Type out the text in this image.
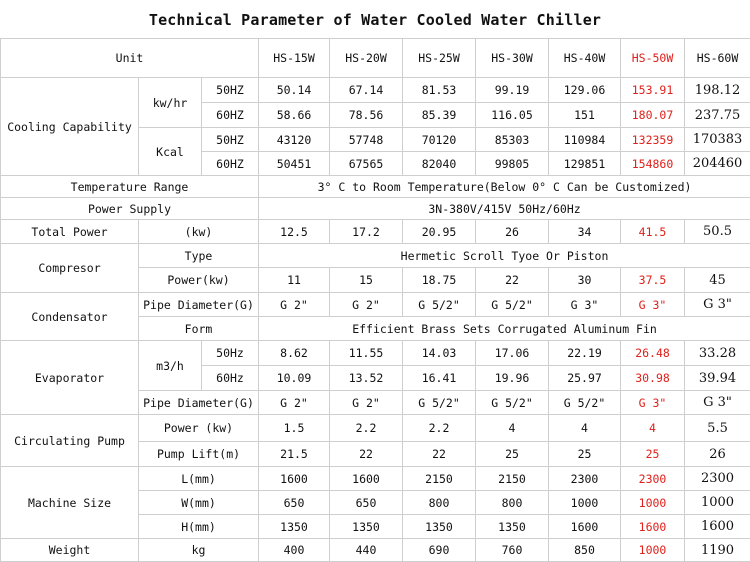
Technical Parameter of Water Cooled Water Chiller
Unit			HS-15W	HS-20W	HS-25W	HS-30W	HS-40W	HS-50W	HS-60W
Cooling Capability	kw/hr	50HZ	50.14	67.14	81.53	99.19	129.06	153.91	198.12
		60HZ	58.66	78.56	85.39	116.05	151	180.07	237.75
	Kcal	50HZ	43120	57748	70120	85303	110984	132359	170383
		60HZ	50451	67565	82040	99805	129851	154860	204460
Temperature Range			3° C to Room Temperature(Below 0° C Can be Customized)						
Power Supply			3N-380V/415V 50Hz/60Hz						
Total Power	(kw)		12.5	17.2	20.95	26	34	41.5	50.5
Compresor	Type		Hermetic Scroll Tyoe Or Piston						
	Power(kw)		11	15	18.75	22	30	37.5	45
Condensator	Pipe Diameter(G)		G 2"	G 2"	G 5/2"	G 5/2"	G 3"	G 3"	G 3"
	Form		Efficient Brass Sets Corrugated Aluminum Fin						
Evaporator	m3/h	50Hz	8.62	11.55	14.03	17.06	22.19	26.48	33.28
		60Hz	10.09	13.52	16.41	19.96	25.97	30.98	39.94
	Pipe Diameter(G)		G 2"	G 2"	G 5/2"	G 5/2"	G 5/2"	G 3"	G 3"
Circulating Pump	Power (kw)		1.5	2.2	2.2	4	4	4	5.5
	Pump Lift(m)		21.5	22	22	25	25	25	26
Machine Size	L(mm)		1600	1600	2150	2150	2300	2300	2300
	W(mm)		650	650	800	800	1000	1000	1000
	H(mm)		1350	1350	1350	1350	1600	1600	1600
Weight	kg		400	440	690	760	850	1000	1190
